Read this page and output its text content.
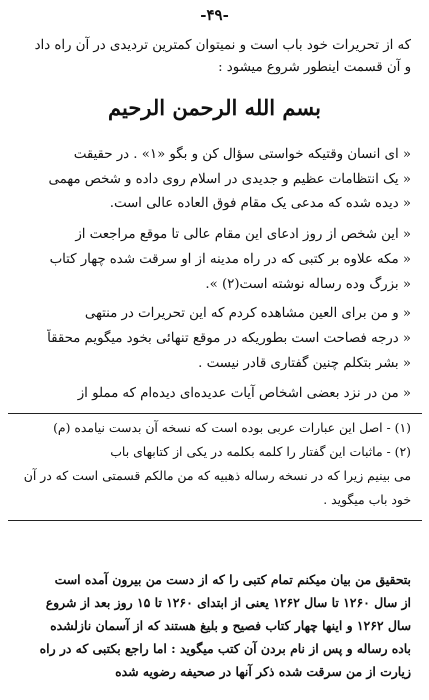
-۴۹-
که از تحریرات خود باب است و نمیتوان کمترین تردیدی در آن راه داد
و آن قسمت اینطور شروع میشود :
بسم الله الرحمن الرحیم
« ای انسان وقتیکه خواستی سؤال کن و بگو «۱» . در حقیقت
« یک انتظامات عظیم و جدیدی در اسلام روی داده و شخص مهمی
« دیده شده که مدعی یک مقام فوق العاده عالی است.
« این شخص از روز ادعای این مقام عالی تا موقع مراجعت از
« مکه علاوه بر کتبی که در راه مدینه از او سرقت شده چهار کتاب
« بزرگ وده رساله نوشته است(۲) ».
« و من برای العین مشاهده کردم که این تحریرات در منتهی
« درجه فصاحت است بطوریکه در موقع تنهائی بخود میگویم محققاً
« بشر بتکلم چنین گفتاری قادر نیست .
« من در نزد بعضی اشخاص آیات عدیده‌ای دیده‌ام که مملو از
(۱) - اصل این عبارات عربی بوده است که نسخه آن بدست نیامده (م)
(۲) - ماثبات این گفتار را کلمه بکلمه در یکی از کتابهای باب
می بینیم زیرا که در نسخه رساله ذهبیه که من مالکم قسمتی است که در آن
خود باب میگوید .
بتحقیق من بیان میکنم تمام کتبی را که از دست من بیرون آمده است
از سال ۱۲۶۰ تا سال ۱۲۶۲ یعنی از ابتدای ۱۲۶۰ تا ۱۵ روز بعد از شروع
سال ۱۲۶۲ و اینها چهار کتاب فصیح و بلیغ هستند که از آسمان نازلشده
باده رساله و پس از نام بردن آن کتب میگوید : اما راجع بکتبی که در راه
زیارت از من سرقت شده ذکر آنها در صحیفه رضویه شده
